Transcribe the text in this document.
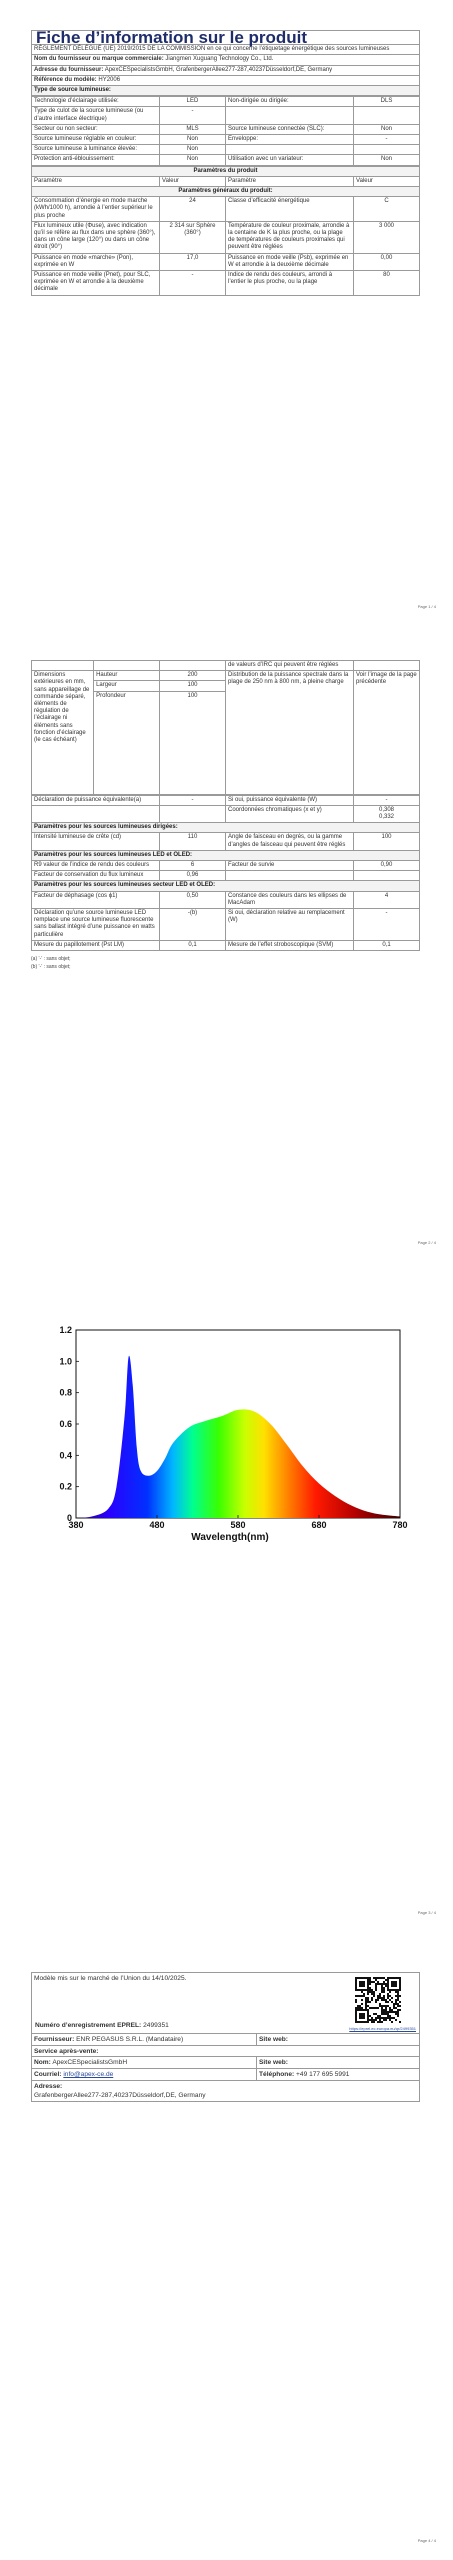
Fiche d’information sur le produit
RÈGLEMENT DÉLÉGUÉ (UE) 2019/2015 DE LA COMMISSION en ce qui concerne l’étiquetage énergétique des sources lumineuses
Nom du fournisseur ou marque commerciale: Jiangmen Xuguang Technology Co., Ltd.
Adresse du fournisseur: ApexCESpecialistsGmbH, GrafenbergerAllee277-287,40237Düsseldorf,DE, Germany
Référence du modèle: HY2006
Type de source lumineuse:
Technologie d’éclairage utilisée:	LED	Non-dirigée ou dirigée:	DLS
Type de culot de la source lumineuse (ou d’autre interface électrique)	-		
Secteur ou non secteur:	MLS	Source lumineuse connectée (SLC):	Non
Source lumineuse réglable en couleur:	Non	Enveloppe:	-
Source lumineuse à luminance élevée:	Non		
Protection anti-éblouissement:	Non	Utilisation avec un variateur:	Non
Paramètres du produit			
Paramètre	Valeur	Paramètre	Valeur
Paramètres généraux du produit:			
Consommation d’énergie en mode marche (kWh/1000 h), arrondie à l’entier supérieur le plus proche	24	Classe d’efficacité énergétique	C
Flux lumineux utile (Φuse), avec indication qu’il se réfère au flux dans une sphère (360°), dans un cône large (120°) ou dans un cône étroit (90°)	2 314 sur Sphère (360°)	Température de couleur proximale, arrondie à la centaine de K la plus proche, ou la plage de températures de couleurs proximales qui peuvent être réglées	3 000
Puissance en mode «marche» (Pon), exprimée en W	17,0	Puissance en mode veille (Psb), exprimée en W et arrondie à la deuxième décimale	0,00
Puissance en mode veille (Pnet), pour SLC, exprimée en W et arrondie à la deuxième décimale	-	Indice de rendu des couleurs, arrondi à l’entier le plus proche, ou la plage	80
Page 1 / 4
			de valeurs d’IRC qui peuvent être réglées	
Dimensions extérieures en mm, sans appareillage de commande séparé, éléments de régulation de l’éclairage ni éléments sans fonction d’éclairage (le cas échéant)	Hauteur	200	Distribution de la puissance spectrale dans la plage de 250 nm à 800 nm, à pleine charge	Voir l’image de la page précédente
	Largeur	100		
	Profondeur	100		
Déclaration de puissance équivalente(a)	-	Si oui, puissance équivalente (W)	-
		Coordonnées chromatiques (x et y)	0,308
0,332
Paramètres pour les sources lumineuses dirigées:			
Intensité lumineuse de crête (cd)	110	Angle de faisceau en degrés, ou la gamme d’angles de faisceau qui peuvent être réglés	100
Paramètres pour les sources lumineuses LED et OLED:			
R9 valeur de l’indice de rendu des couleurs	6	Facteur de survie	0,90
Facteur de conservation du flux lumineux	0,96		
Paramètres pour les sources lumineuses secteur LED et OLED:			
Facteur de déphasage (cos ϕ1)	0,50	Constance des couleurs dans les ellipses de MacAdam	4
Déclaration qu’une source lumineuse LED remplace une source lumineuse fluorescente sans ballast intégré d’une puissance en watts particulière	-(b)	Si oui, déclaration relative au remplacement (W)	-
Mesure du papillotement (Pst LM)	0,1	Mesure de l’effet stroboscopique (SVM)	0,1
(a) ‘-’ : sans objet;
(b) ‘-’ : sans objet;
Page 2 / 4
380	480	580	680	780
0
0.2
0.4
0.6
0.8
1.0
1.2
Wavelength(nm)
Page 3 / 4
Modèle mis sur le marché de l’Union du 14/10/2025.
Numéro d’enregistrement EPREL: 2499351 https://eprel.ec.europa.eu/qr/2499351	

Fournisseur: ENR PEGASUS S.R.L. (Mandataire)	Site web:

Service après-vente:	

Nom: ApexCESpecialistsGmbH	Site web:
Courriel: info@apex-ce.de	Téléphone: +49 177 695 5991

Adresse:
GrafenbergerAllee277-287,40237Düsseldorf,DE, Germany	
Page 4 / 4
